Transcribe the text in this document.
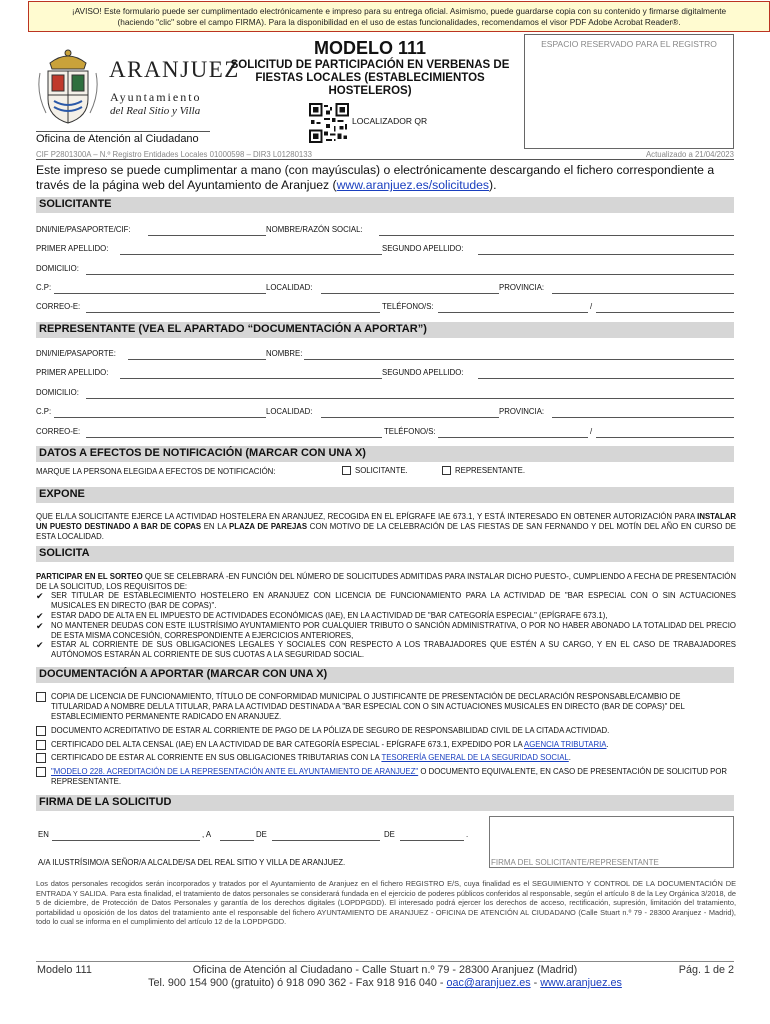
¡AVISO! Este formulario puede ser cumplimentado electrónicamente e impreso para su entrega oficial. Asimismo, puede guardarse copia con su contenido y firmarse digitalmente
(haciendo "clic" sobre el campo FIRMA). Para la disponibilidad en el uso de estas funcionalidades, recomendamos el visor PDF Adobe Acrobat Reader®.
ARANJUEZ
Ayuntamiento
del Real Sitio y Villa
Oficina de Atención al Ciudadano
MODELO 111
SOLICITUD DE PARTICIPACIÓN EN VERBENAS DE FIESTAS LOCALES (ESTABLECIMIENTOS HOSTELEROS)
LOCALIZADOR QR
ESPACIO RESERVADO PARA EL REGISTRO
CIF P2801300A – N.º Registro Entidades Locales 01000598 – DIR3 L01280133	Actualizado a 21/04/2023
Este impreso se puede cumplimentar a mano (con mayúsculas) o electrónicamente descargando el fichero correspondiente a través de la página web del Ayuntamiento de Aranjuez (www.aranjuez.es/solicitudes).
SOLICITANTE
DNI/NIE/PASAPORTE/CIF:	NOMBRE/RAZÓN SOCIAL:
PRIMER APELLIDO:	SEGUNDO APELLIDO:
DOMICILIO:
C.P:	LOCALIDAD:	PROVINCIA:
CORREO-E:	TELÉFONO/S:	/
REPRESENTANTE (VEA EL APARTADO “DOCUMENTACIÓN A APORTAR”)
DNI/NIE/PASAPORTE:	NOMBRE:
PRIMER APELLIDO:	SEGUNDO APELLIDO:
DOMICILIO:
C.P:	LOCALIDAD:	PROVINCIA:
CORREO-E:	TELÉFONO/S:	/
DATOS A EFECTOS DE NOTIFICACIÓN (MARCAR CON UNA X)
MARQUE LA PERSONA ELEGIDA A EFECTOS DE NOTIFICACIÓN:	SOLICITANTE.	REPRESENTANTE.
EXPONE
QUE EL/LA SOLICITANTE EJERCE LA ACTIVIDAD HOSTELERA EN ARANJUEZ, RECOGIDA EN EL EPÍGRAFE IAE 673.1, Y ESTÁ INTERESADO EN OBTENER AUTORIZACIÓN PARA INSTALAR UN PUESTO DESTINADO A BAR DE COPAS EN LA PLAZA DE PAREJAS CON MOTIVO DE LA CELEBRACIÓN DE LAS FIESTAS DE SAN FERNANDO Y DEL MOTÍN DEL AÑO EN CURSO DE ESTA LOCALIDAD.
SOLICITA
PARTICIPAR EN EL SORTEO QUE SE CELEBRARÁ -EN FUNCIÓN DEL NÚMERO DE SOLICITUDES ADMITIDAS PARA INSTALAR DICHO PUESTO-, CUMPLIENDO A FECHA DE PRESENTACIÓN DE LA SOLICITUD, LOS REQUISITOS DE:
✔ SER TITULAR DE ESTABLECIMIENTO HOSTELERO EN ARANJUEZ CON LICENCIA DE FUNCIONAMIENTO PARA LA ACTIVIDAD DE "BAR ESPECIAL CON O SIN ACTUACIONES MUSICALES EN DIRECTO (BAR DE COPAS)".
✔ ESTAR DADO DE ALTA EN EL IMPUESTO DE ACTIVIDADES ECONÓMICAS (IAE), EN LA ACTIVIDAD DE "BAR CATEGORÍA ESPECIAL" (EPÍGRAFE 673.1),
✔ NO MANTENER DEUDAS CON ESTE ILUSTRÍSIMO AYUNTAMIENTO POR CUALQUIER TRIBUTO O SANCIÓN ADMINISTRATIVA, O POR NO HABER ABONADO LA TOTALIDAD DEL PRECIO DE ESTA MISMA CONCESIÓN, CORRESPONDIENTE A EJERCICIOS ANTERIORES,
✔ ESTAR AL CORRIENTE DE SUS OBLIGACIONES LEGALES Y SOCIALES CON RESPECTO A LOS TRABAJADORES QUE ESTÉN A SU CARGO, Y EN EL CASO DE TRABAJADORES AUTÓNOMOS ESTARÁN AL CORRIENTE DE SUS CUOTAS A LA SEGURIDAD SOCIAL.
DOCUMENTACIÓN A APORTAR (MARCAR CON UNA X)
COPIA DE LICENCIA DE FUNCIONAMIENTO, TÍTULO DE CONFORMIDAD MUNICIPAL O JUSTIFICANTE DE PRESENTACIÓN DE DECLARACIÓN RESPONSABLE/CAMBIO DE TITULARIDAD A NOMBRE DEL/LA TITULAR, PARA LA ACTIVIDAD DESTINADA A "BAR ESPECIAL CON O SIN ACTUACIONES MUSICALES EN DIRECTO (BAR DE COPAS)" DEL ESTABLECIMIENTO PERMANENTE RADICADO EN ARANJUEZ.
DOCUMENTO ACREDITATIVO DE ESTAR AL CORRIENTE DE PAGO DE LA PÓLIZA DE SEGURO DE RESPONSABILIDAD CIVIL DE LA CITADA ACTIVIDAD.
CERTIFICADO DEL ALTA CENSAL (IAE) EN LA ACTIVIDAD DE BAR CATEGORÍA ESPECIAL - EPÍGRAFE 673.1, EXPEDIDO POR LA AGENCIA TRIBUTARIA.
CERTIFICADO DE ESTAR AL CORRIENTE EN SUS OBLIGACIONES TRIBUTARIAS CON LA TESORERÍA GENERAL DE LA SEGURIDAD SOCIAL.
"MODELO 228. ACREDITACIÓN DE LA REPRESENTACIÓN ANTE EL AYUNTAMIENTO DE ARANJUEZ" O DOCUMENTO EQUIVALENTE, EN CASO DE PRESENTACIÓN DE SOLICITUD POR REPRESENTANTE.
FIRMA DE LA SOLICITUD
EN	, A	DE	DE	.
FIRMA DEL SOLICITANTE/REPRESENTANTE
A/A ILUSTRÍSIMO/A SEÑOR/A ALCALDE/SA DEL REAL SITIO Y VILLA DE ARANJUEZ.
Los datos personales recogidos serán incorporados y tratados por el Ayuntamiento de Aranjuez en el fichero REGISTRO E/S, cuya finalidad es el SEGUIMIENTO Y CONTROL DE LA DOCUMENTACIÓN DE ENTRADA Y SALIDA. Para esta finalidad, el tratamiento de datos personales se considerará fundada en el ejercicio de poderes públicos conferidos al responsable, según el artículo 8 de la Ley Orgánica 3/2018, de 5 de diciembre, de Protección de Datos Personales y garantía de los derechos digitales (LOPDPGDD). El interesado podrá ejercer los derechos de acceso, rectificación, supresión, limitación del tratamiento, portabilidad u oposición de los datos del tratamiento ante el responsable del fichero AYUNTAMIENTO DE ARANJUEZ - OFICINA DE ATENCIÓN AL CIUDADANO (Calle Stuart n.º 79 - 28300 Aranjuez - Madrid), todo lo cual se informa en el cumplimiento del artículo 12 de la LOPDPGDD.
Modelo 111	Oficina de Atención al Ciudadano - Calle Stuart n.º 79 - 28300 Aranjuez (Madrid)
Tel. 900 154 900 (gratuito) ó 918 090 362 - Fax 918 916 040 - oac@aranjuez.es - www.aranjuez.es
Pág. 1 de 2
